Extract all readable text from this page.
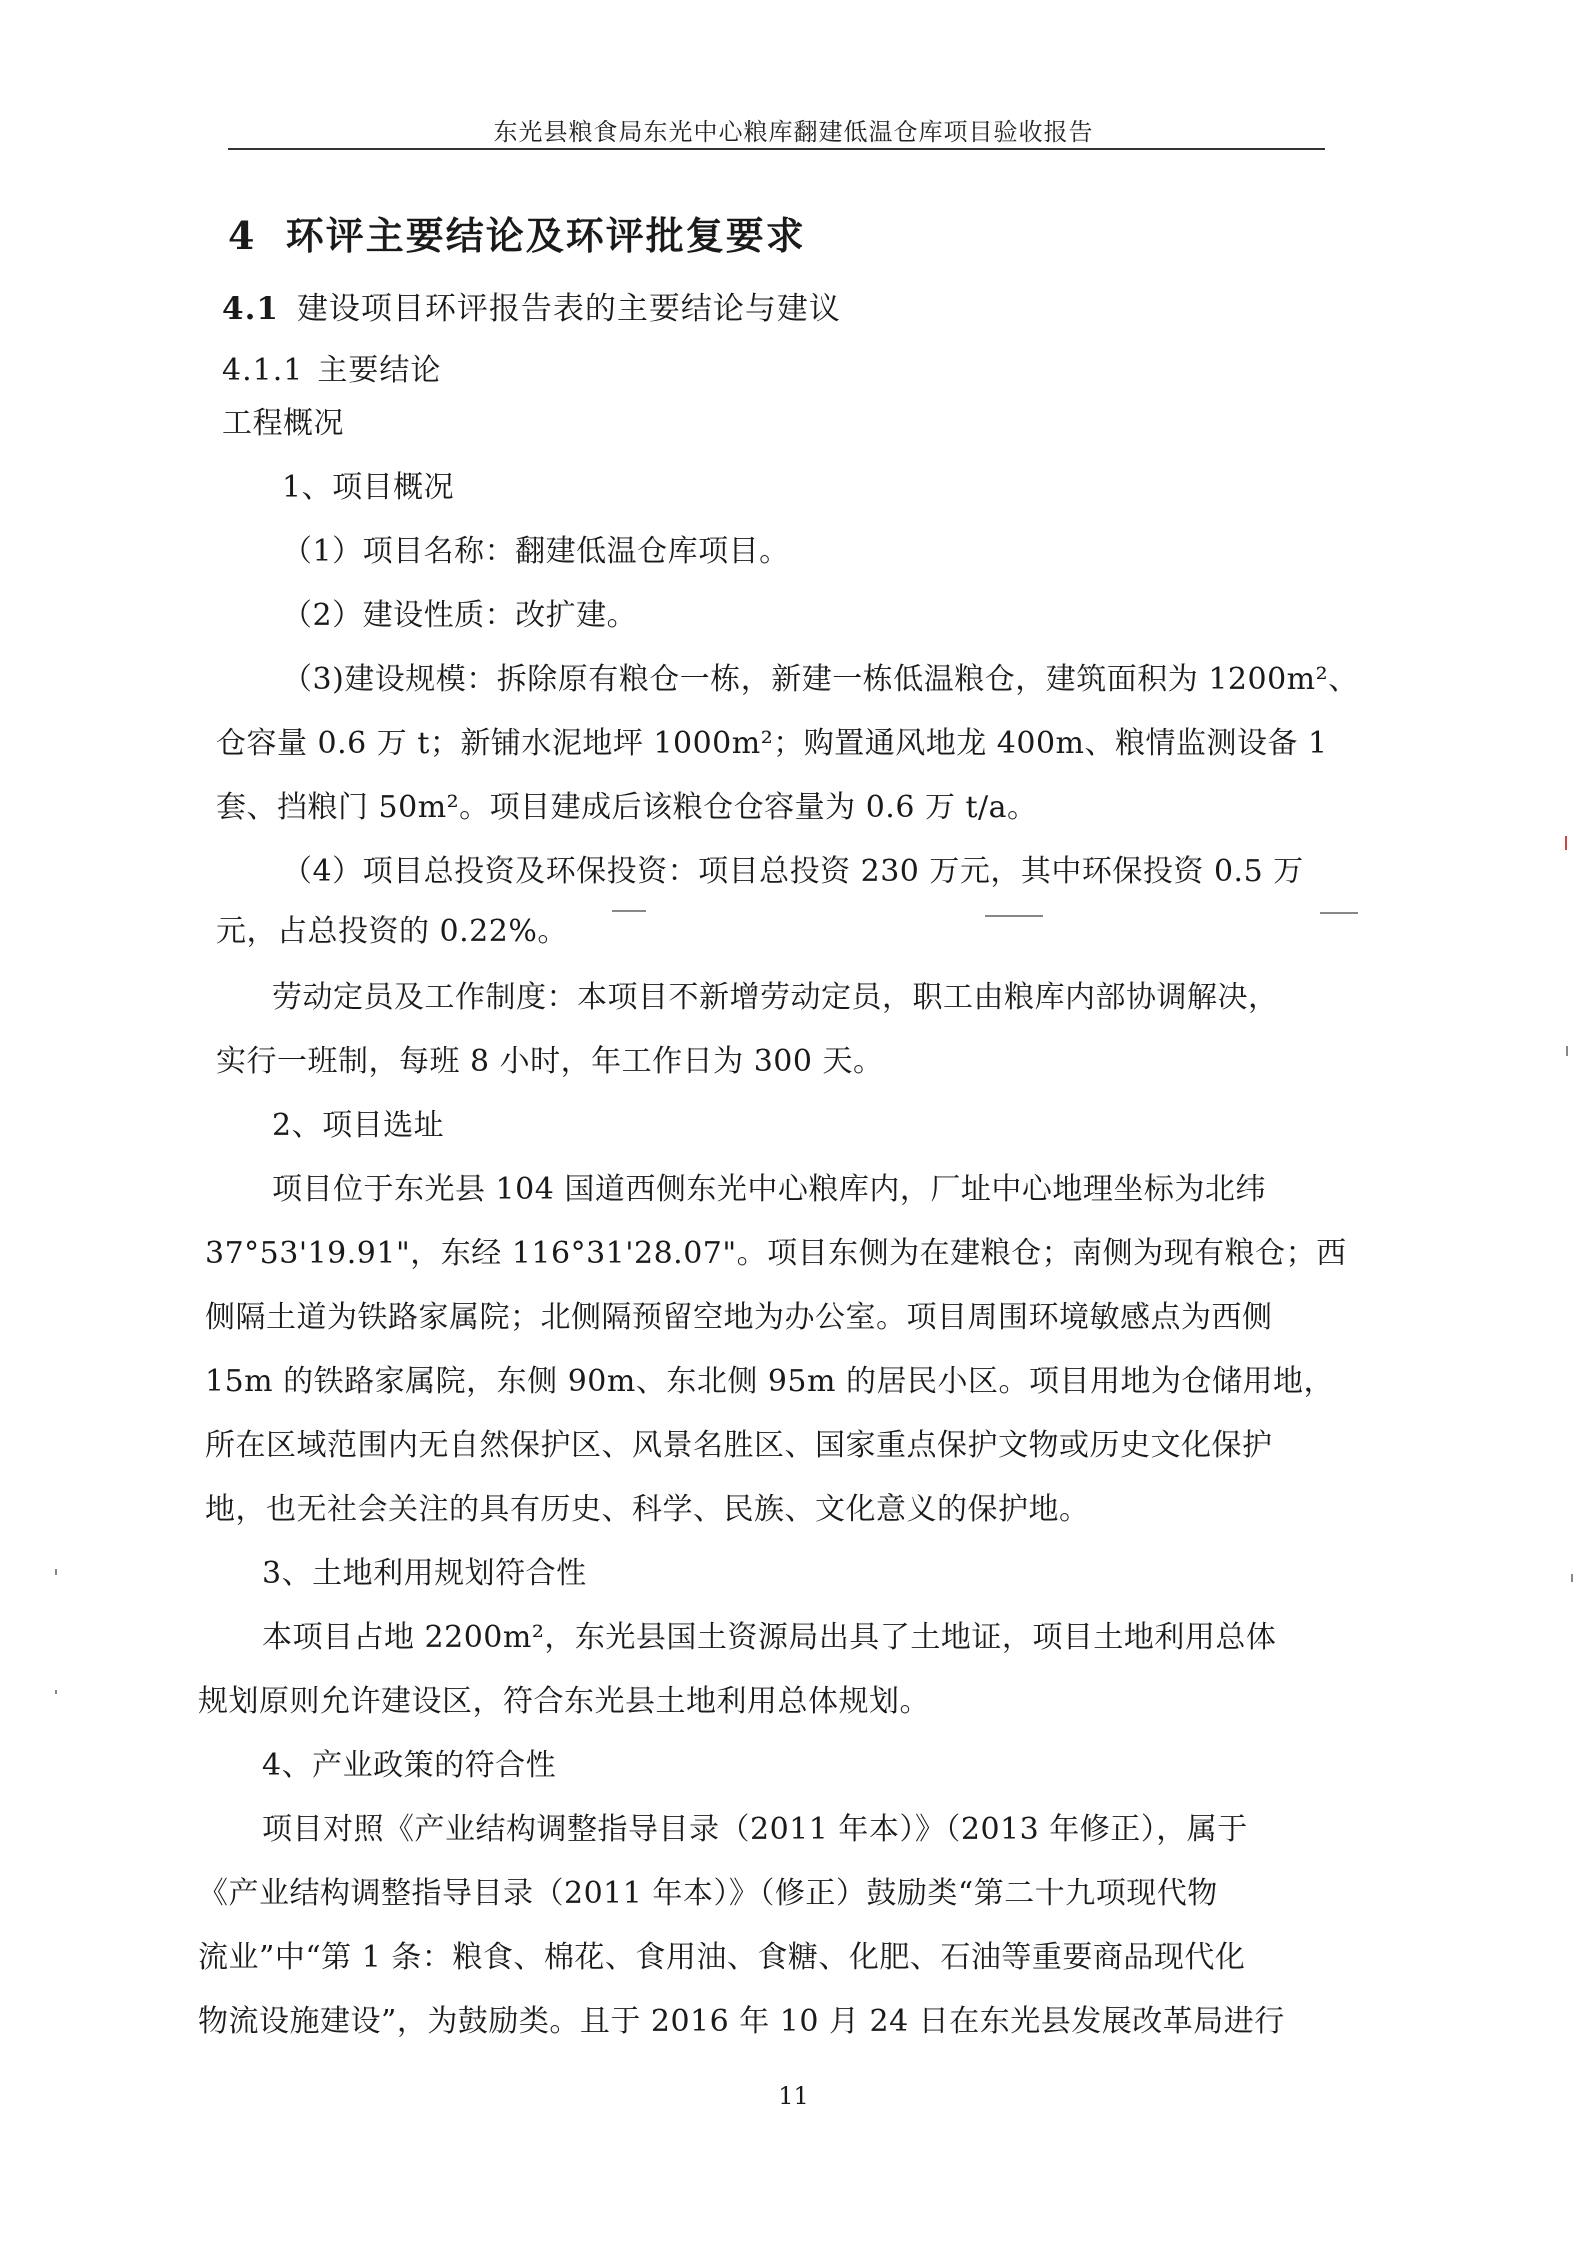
东光县粮食局东光中心粮库翻建低温仓库项目验收报告
4 环评主要结论及环评批复要求
4.1 建设项目环评报告表的主要结论与建议
4.1.1 主要结论
工程概况
1、项目概况
（1）项目名称：翻建低温仓库项目。
（2）建设性质：改扩建。
（3)建设规模：拆除原有粮仓一栋，新建一栋低温粮仓，建筑面积为 1200m²、
仓容量 0.6 万 t；新铺水泥地坪 1000m²；购置通风地龙 400m、粮情监测设备 1
套、挡粮门 50m²。项目建成后该粮仓仓容量为 0.6 万 t/a。
（4）项目总投资及环保投资：项目总投资 230 万元，其中环保投资 0.5 万
元，占总投资的 0.22%。
劳动定员及工作制度：本项目不新增劳动定员，职工由粮库内部协调解决，
实行一班制，每班 8 小时，年工作日为 300 天。
2、项目选址
项目位于东光县 104 国道西侧东光中心粮库内，厂址中心地理坐标为北纬
37°53'19.91"，东经 116°31'28.07"。项目东侧为在建粮仓；南侧为现有粮仓；西
侧隔土道为铁路家属院；北侧隔预留空地为办公室。项目周围环境敏感点为西侧
15m 的铁路家属院，东侧 90m、东北侧 95m 的居民小区。项目用地为仓储用地，
所在区域范围内无自然保护区、风景名胜区、国家重点保护文物或历史文化保护
地，也无社会关注的具有历史、科学、民族、文化意义的保护地。
3、土地利用规划符合性
本项目占地 2200m²，东光县国土资源局出具了土地证，项目土地利用总体
规划原则允许建设区，符合东光县土地利用总体规划。
4、产业政策的符合性
项目对照《产业结构调整指导目录（2011 年本）》（2013 年修正），属于
《产业结构调整指导目录（2011 年本）》（修正）鼓励类“第二十九项现代物
流业”中“第 1 条：粮食、棉花、食用油、食糖、化肥、石油等重要商品现代化
物流设施建设”，为鼓励类。且于 2016 年 10 月 24 日在东光县发展改革局进行
11
